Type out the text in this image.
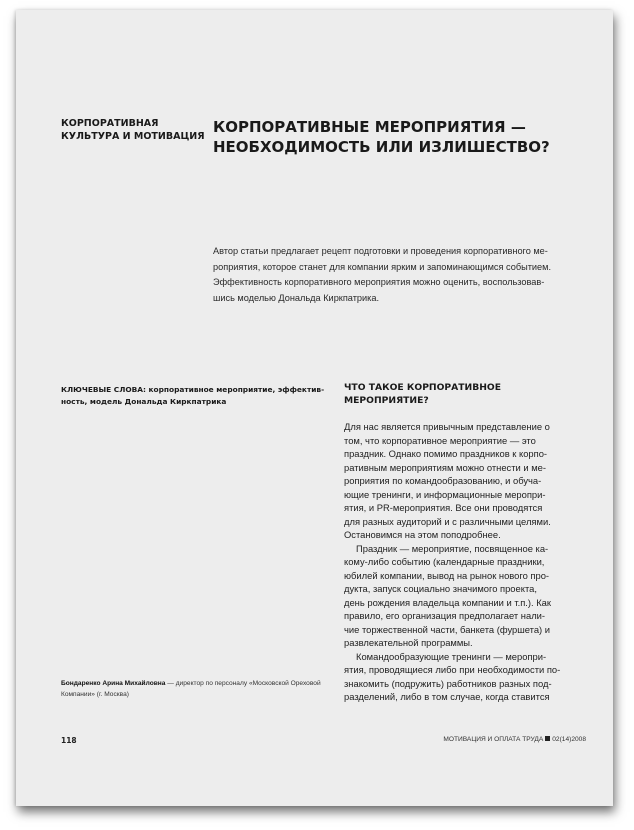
КОРПОРАТИВНАЯ
КУЛЬТУРА И МОТИВАЦИЯ
КОРПОРАТИВНЫЕ МЕРОПРИЯТИЯ —
НЕОБХОДИМОСТЬ ИЛИ ИЗЛИШЕСТВО?
Автор статьи предлагает рецепт подготовки и проведения корпоративного ме-
роприятия, которое станет для компании ярким и запоминающимся событием.
Эффективность корпоративного мероприятия можно оценить, воспользовав-
шись моделью Дональда Киркпатрика.
КЛЮЧЕВЫЕ СЛОВА: корпоративное мероприятие, эффектив-
ность, модель Дональда Киркпатрика
ЧТО ТАКОЕ КОРПОРАТИВНОЕ
МЕРОПРИЯТИЕ?
Для нас является привычным представление о
том, что корпоративное мероприятие — это
праздник. Однако помимо праздников к корпо-
ративным мероприятиям можно отнести и ме-
роприятия по командообразованию, и обуча-
ющие тренинги, и информационные меропри-
ятия, и PR-мероприятия. Все они проводятся
для разных аудиторий и с различными целями.
Остановимся на этом поподробнее.
Праздник — мероприятие, посвященное ка-
кому-либо событию (календарные праздники,
юбилей компании, вывод на рынок нового про-
дукта, запуск социально значимого проекта,
день рождения владельца компании и т.п.). Как
правило, его организация предполагает нали-
чие торжественной части, банкета (фуршета) и
развлекательной программы.
Командообразующие тренинги — меропри-
ятия, проводящиеся либо при необходимости по-
знакомить (подружить) работников разных под-
разделений, либо в том случае, когда ставится
Бондаренко Арина Михайловна — директор по персоналу «Московской Ореховой
Компании» (г. Москва)
118	МОТИВАЦИЯ И ОПЛАТА ТРУДА 02(14)2008
